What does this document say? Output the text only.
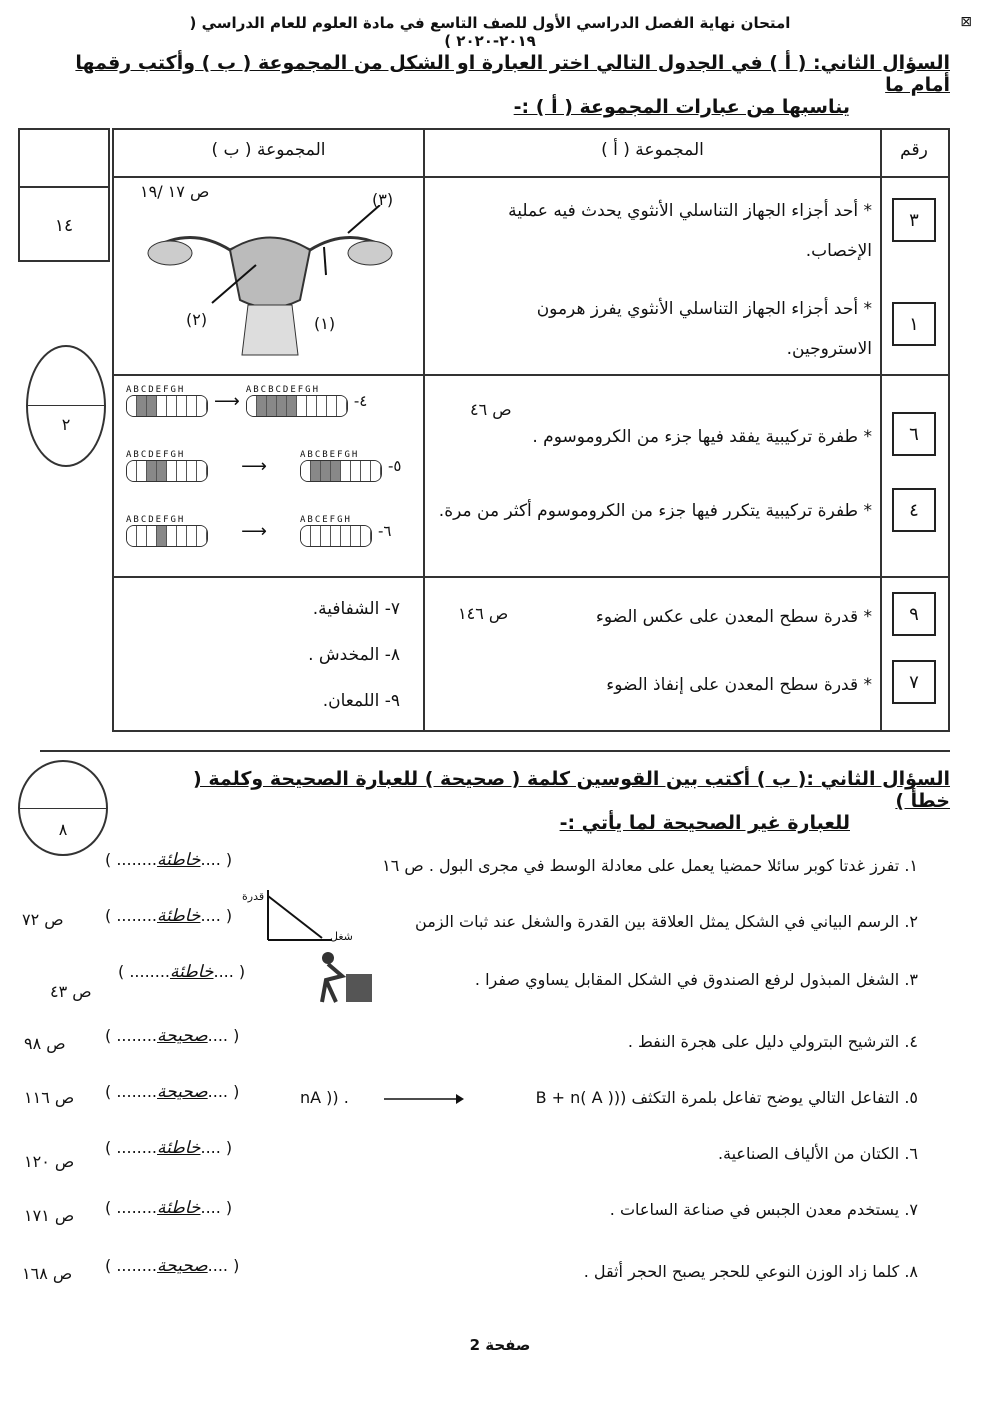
امتحان نهاية الفصل الدراسي الأول للصف التاسع في مادة العلوم للعام الدراسي ( ٢٠١٩-٢٠٢٠ )
⊠
السؤال الثاني: ( أ ) في الجدول التالي اختر العبارة او الشكل من المجموعة ( ب ) وأكتب رقمها أمام ما
يناسبها من عبارات المجموعة ( أ ) :-
١٤
٢
رقم
المجموعة ( أ )
المجموعة ( ب )
٣
* أحد أجزاء الجهاز التناسلي الأنثوي يحدث فيه عملية
الإخصاب.
١
* أحد أجزاء الجهاز التناسلي الأنثوي يفرز هرمون
الاستروجين.
ص ١٧ /١٩	(٣)
(٢)	(١)
٦
ص ٤٦
* طفرة تركيبية يفقد فيها جزء من الكروموسوم .
٤
* طفرة تركيبية يتكرر فيها جزء من الكروموسوم أكثر من مرة.
ABCDEFGH
⟶
ABCBCDEFGH
-٤
ABCDEFGH
⟶
ABCBEFGH
-٥
ABCDEFGH
⟶
ABCEFGH
-٦
٩
* قدرة سطح المعدن على عكس الضوء
ص ١٤٦
٧
* قدرة سطح المعدن على إنفاذ الضوء
٧- الشفافية.
٨- المخدش .
٩- اللمعان.
٨
السؤال الثاني :( ب ) أكتب بين القوسين كلمة ( صحيحة ) للعبارة الصحيحة وكلمة ( خطأ )
للعبارة غير الصحيحة لما يأتي :-
١. تفرز غدتا كوبر سائلا حمضيا يعمل على معادلة الوسط في مجرى البول . ص ١٦
( ........خاطئة.... )
٢. الرسم البياني في الشكل يمثل العلاقة بين القدرة والشغل عند ثبات الزمن
( ........خاطئة.... )
ص ٧٢
قدرة
شغل
٣. الشغل المبذول لرفع الصندوق في الشكل المقابل يساوي صفرا .
( ........خاطئة.... )
ص ٤٣
٤. الترشيح البترولي دليل على هجرة النفط .
( ........صحيحة.... )
ص ٩٨
٥. التفاعل التالي يوضح تفاعل بلمرة التكثف ((B + n( A )
nA )) .
( ........صحيحة.... )
ص ١١٦
٦. الكتان من الألياف الصناعية.
( ........خاطئة.... )
ص ١٢٠
٧. يستخدم معدن الجبس في صناعة الساعات .
( ........خاطئة.... )
ص ١٧١
٨. كلما زاد الوزن النوعي للحجر يصبح الحجر أثقل .
( ........صحيحة.... )
ص ١٦٨
صفحة 2
